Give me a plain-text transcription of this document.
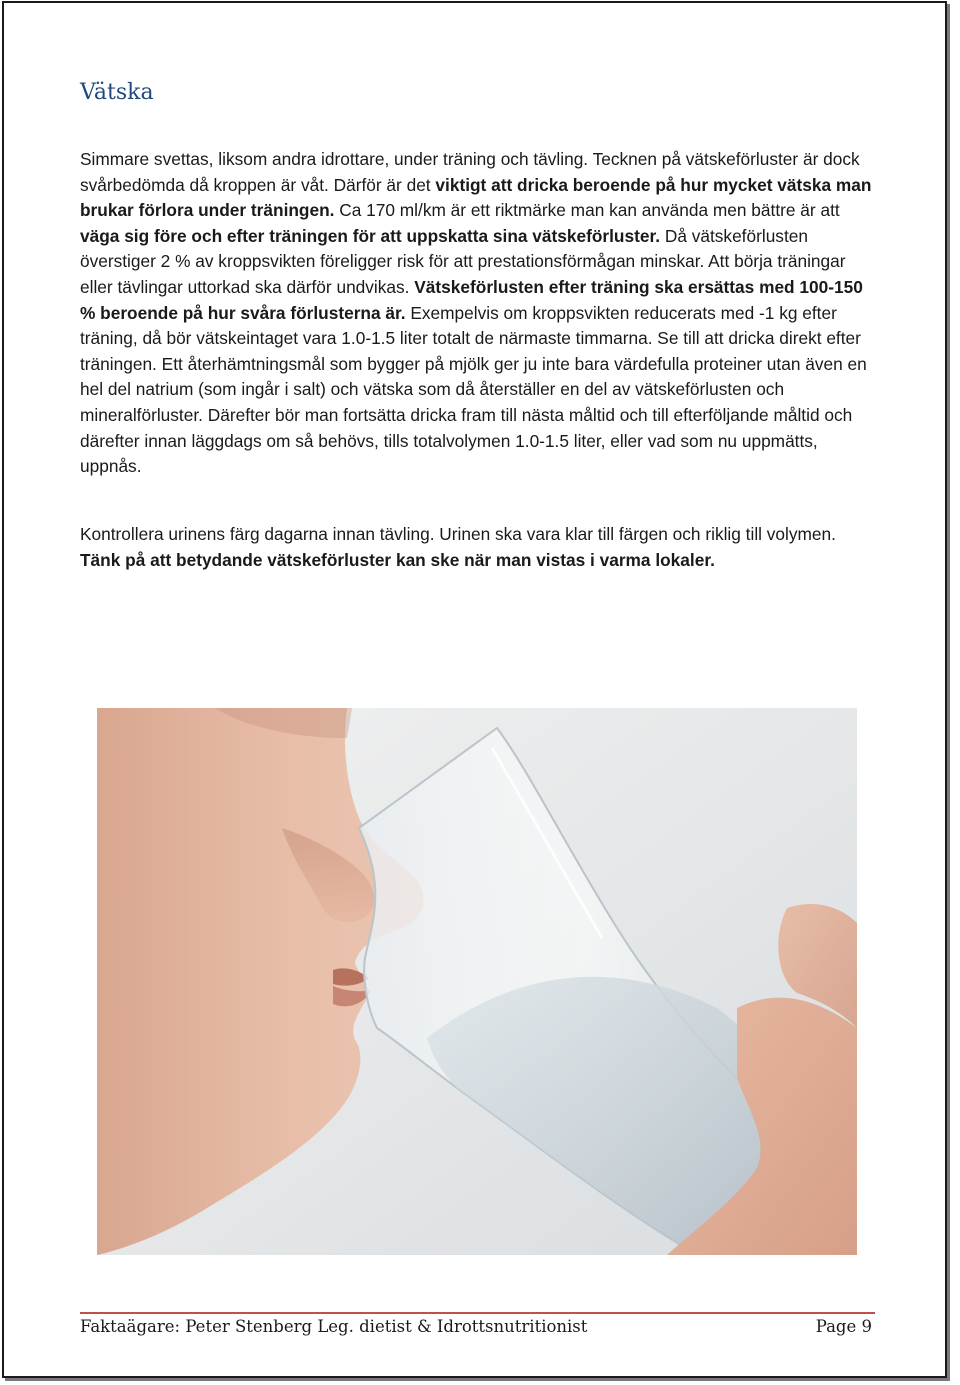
Vätska

Simmare svettas, liksom andra idrottare, under träning och tävling. Tecknen på vätskeförluster är dock svårbedömda då kroppen är våt. Därför är det viktigt att dricka beroende på hur mycket vätska man brukar förlora under träningen. Ca 170 ml/km är ett riktmärke man kan använda men bättre är att väga sig före och efter träningen för att uppskatta sina vätskeförluster. Då vätskeförlusten överstiger 2 % av kroppsvikten föreligger risk för att prestationsförmågan minskar. Att börja träningar eller tävlingar uttorkad ska därför undvikas. Vätskeförlusten efter träning ska ersättas med 100-150 % beroende på hur svåra förlusterna är. Exempelvis om kroppsvikten reducerats med -1 kg efter träning, då bör vätskeintaget vara 1.0-1.5 liter totalt de närmaste timmarna. Se till att dricka direkt efter träningen. Ett återhämtningsmål som bygger på mjölk ger ju inte bara värdefulla proteiner utan även en hel del natrium (som ingår i salt) och vätska som då återställer en del av vätskeförlusten och mineralförluster. Därefter bör man fortsätta dricka fram till nästa måltid och till efterföljande måltid och därefter innan läggdags om så behövs, tills totalvolymen 1.0-1.5 liter, eller vad som nu uppmätts, uppnås.

Kontrollera urinens färg dagarna innan tävling. Urinen ska vara klar till färgen och riklig till volymen. Tänk på att betydande vätskeförluster kan ske när man vistas i varma lokaler.

Faktaägare: Peter Stenberg Leg. dietist & Idrottsnutritionist	Page 9
